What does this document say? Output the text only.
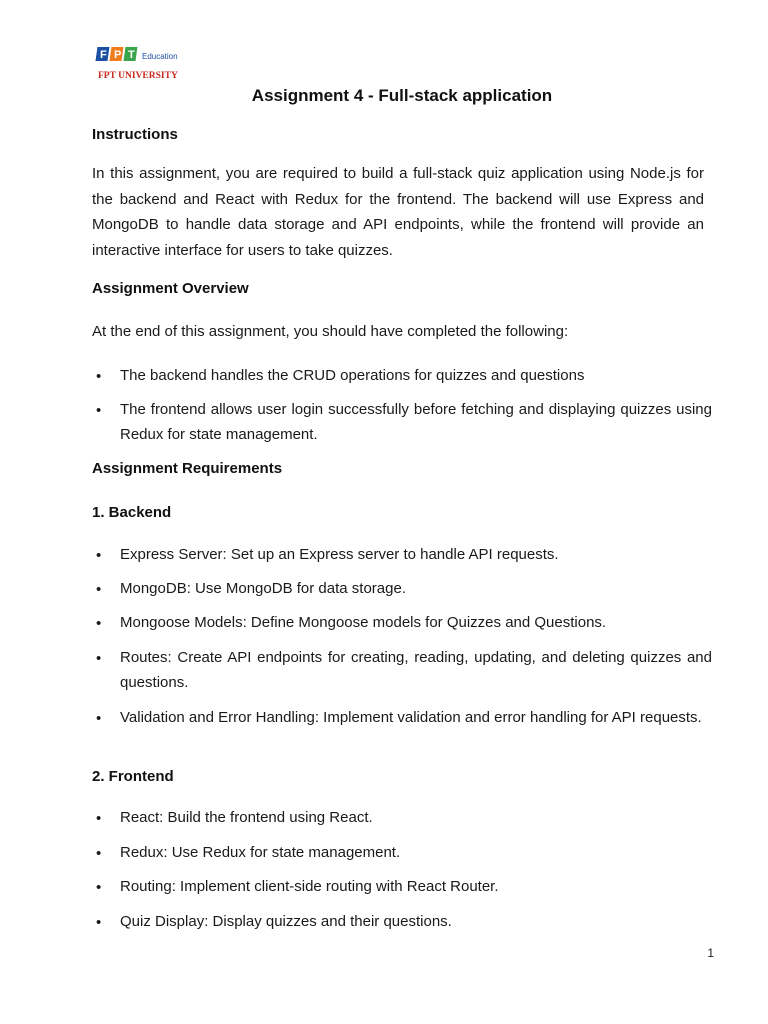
F P T Education
FPT UNIVERSITY
Assignment 4 - Full-stack application
Instructions

In this assignment, you are required to build a full-stack quiz application using Node.js for the backend and React with Redux for the frontend. The backend will use Express and MongoDB to handle data storage and API endpoints, while the frontend will provide an interactive interface for users to take quizzes.

Assignment Overview

At the end of this assignment, you should have completed the following:

•	The backend handles the CRUD operations for quizzes and questions

•	The frontend allows user login successfully before fetching and displaying quizzes using Redux for state management.

Assignment Requirements
1. Backend
•	Express Server: Set up an Express server to handle API requests.

•	MongoDB: Use MongoDB for data storage.

•	Mongoose Models: Define Mongoose models for Quizzes and Questions.

•	Routes: Create API endpoints for creating, reading, updating, and deleting quizzes and questions.

•	Validation and Error Handling: Implement validation and error handling for API requests.

2. Frontend
•	React: Build the frontend using React.

•	Redux: Use Redux for state management.

•	Routing: Implement client-side routing with React Router.

•	Quiz Display: Display quizzes and their questions.

1
